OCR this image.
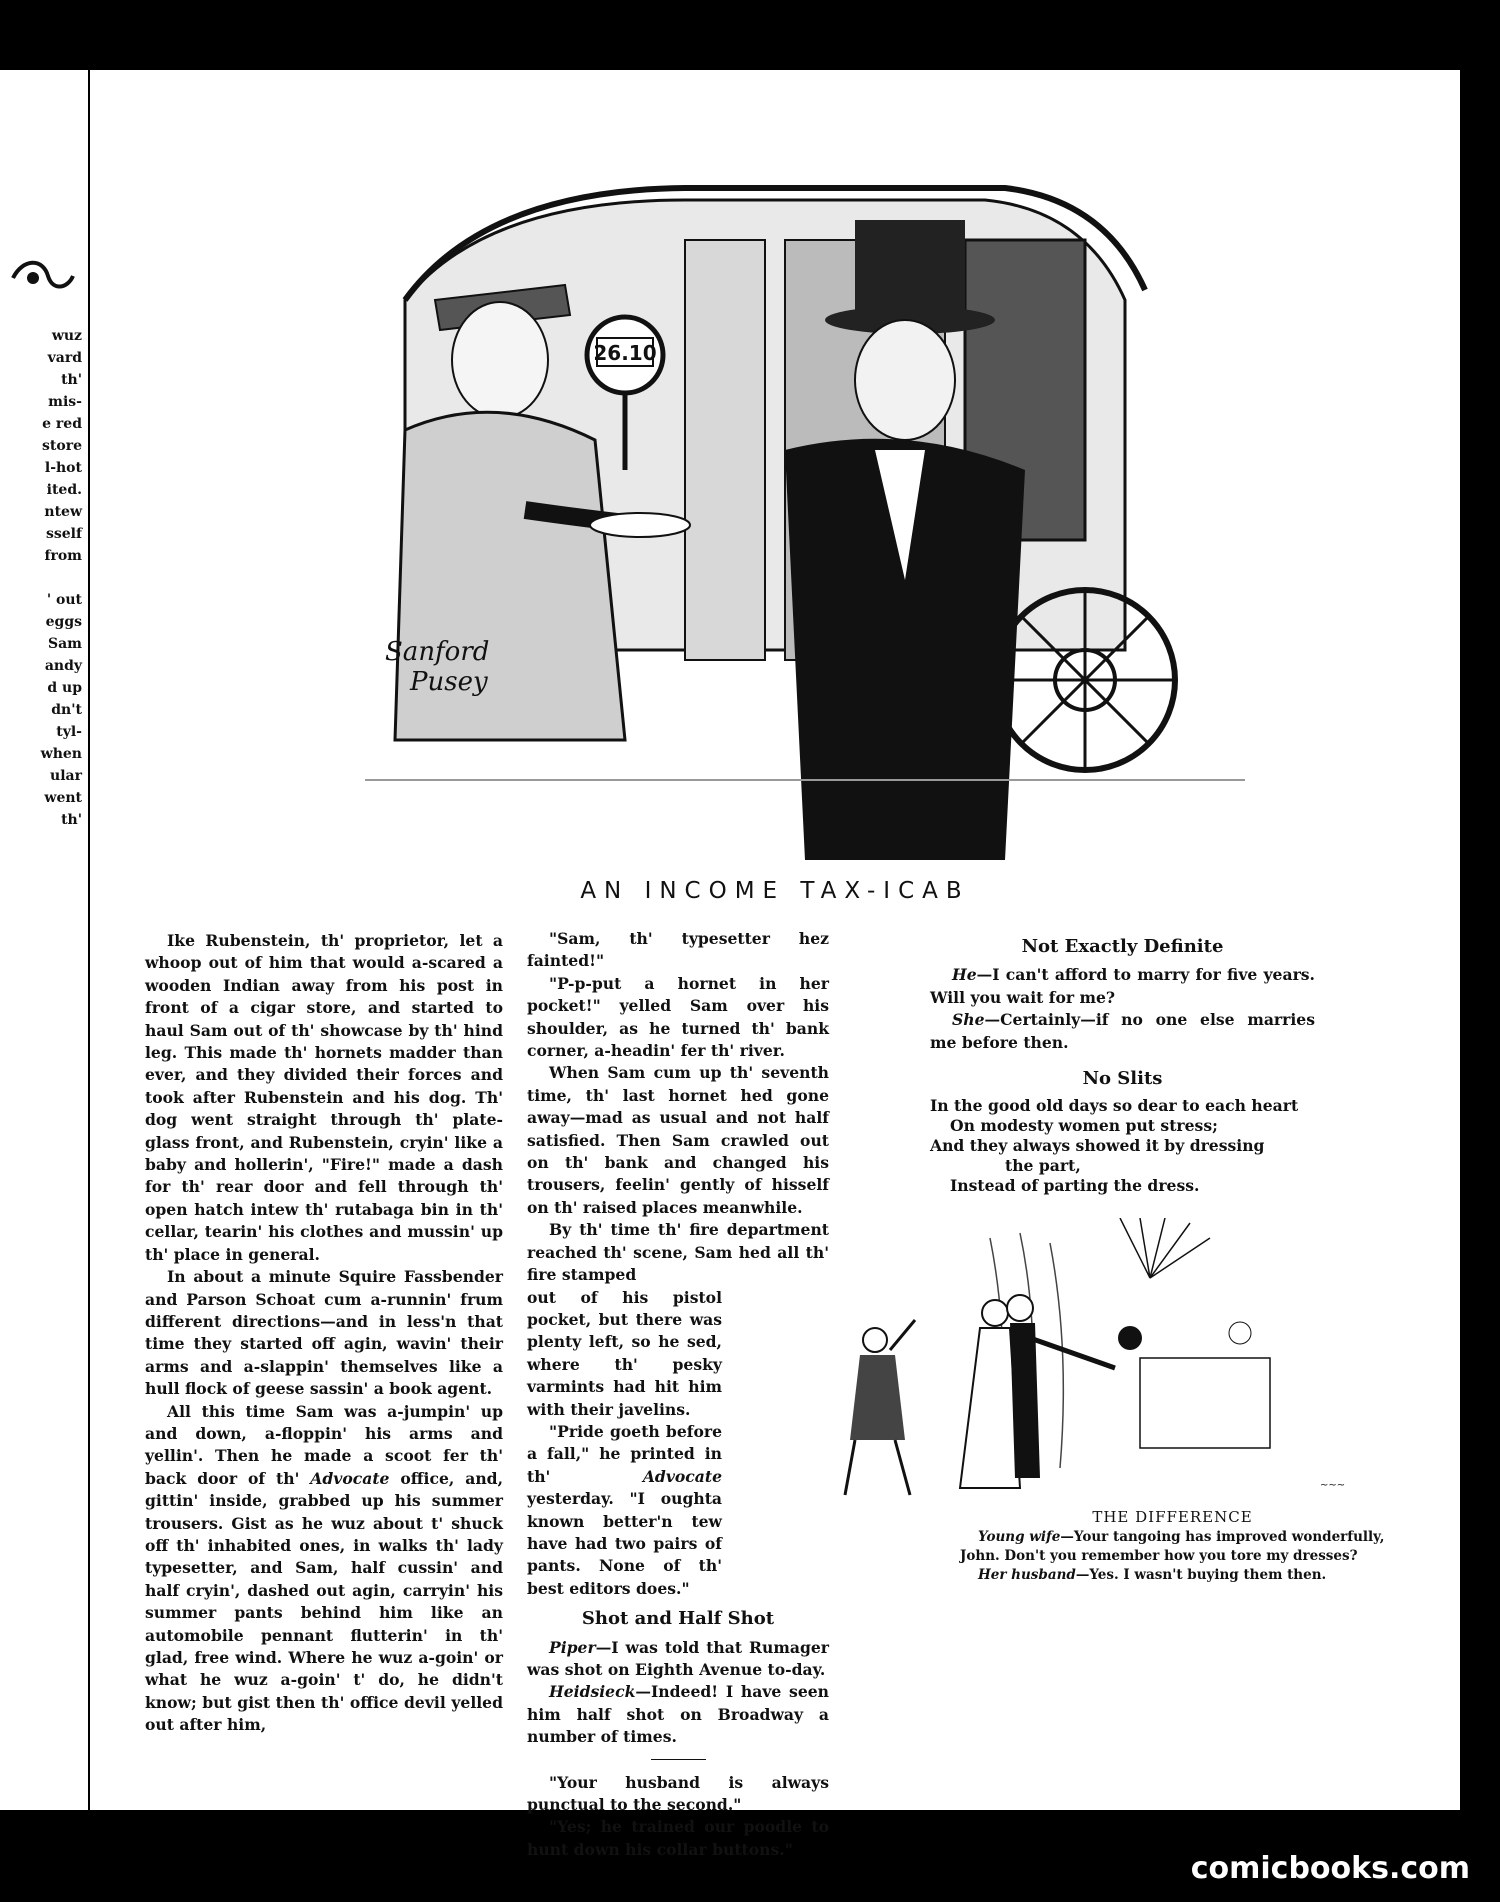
wuz
vard
th'
mis-
e red
store
l-hot
ited.
ntew
sself
from
' out
eggs
Sam
andy
d up
dn't
tyl-
when
ular
went
th'
26.10
Sanford
Pusey
AN INCOME TAX-ICAB

Ike Rubenstein, th' proprietor, let a whoop out of him that would a-scared a wooden Indian away from his post in front of a cigar store, and started to haul Sam out of th' showcase by th' hind leg. This made th' hornets madder than ever, and they divided their forces and took after Rubenstein and his dog. Th' dog went straight through th' plate-glass front, and Rubenstein, cryin' like a baby and hollerin', "Fire!" made a dash for th' rear door and fell through th' open hatch intew th' rutabaga bin in th' cellar, tearin' his clothes and mussin' up th' place in general.

In about a minute Squire Fassbender and Parson Schoat cum a-runnin' frum different directions—and in less'n that time they started off agin, wavin' their arms and a-slappin' themselves like a hull flock of geese sassin' a book agent.

All this time Sam was a-jumpin' up and down, a-floppin' his arms and yellin'. Then he made a scoot fer th' back door of th' Advocate office, and, gittin' inside, grabbed up his summer trousers. Gist as he wuz about t' shuck off th' inhabited ones, in walks th' lady typesetter, and Sam, half cussin' and half cryin', dashed out agin, carryin' his summer pants behind him like an automobile pennant flutterin' in th' glad, free wind. Where he wuz a-goin' or what he wuz a-goin' t' do, he didn't know; but gist then th' office devil yelled out after him,

"Sam, th' typesetter hez fainted!"

"P-p-put a hornet in her pocket!" yelled Sam over his shoulder, as he turned th' bank corner, a-headin' fer th' river.

When Sam cum up th' seventh time, th' last hornet hed gone away—mad as usual and not half satisfied. Then Sam crawled out on th' bank and changed his trousers, feelin' gently of hisself on th' raised places meanwhile.

By th' time th' fire department reached th' scene, Sam hed all th' fire stamped

out of his pistol pocket, but there was plenty left, so he sed, where th' pesky varmints had hit him with their javelins.

"Pride goeth before a fall," he printed in th'	Advocate yesterday. "I oughta known better'n tew have had two pairs of pants. None of th' best editors does."

Shot and Half Shot

Piper—I was told that Rumager was shot on Eighth Avenue to-day.

Heidsieck—Indeed! I have seen him half shot on Broadway a number of times.

"Your husband is always punctual to the second."

"Yes; he trained our poodle to hunt down his collar buttons."

Not Exactly Definite

He—I can't afford to marry for five years. Will you wait for me?

She—Certainly—if no one else marries me before then.

No Slits
In the good old days so dear to each heart
On modesty women put stress;
And they always showed it by dressing
the part,
Instead of parting the dress.
~~~
THE DIFFERENCE
Young wife—Your tangoing has improved wonderfully,
John. Don't you remember how you tore my dresses?
Her husband—Yes. I wasn't buying them then.
comicbooks.com
